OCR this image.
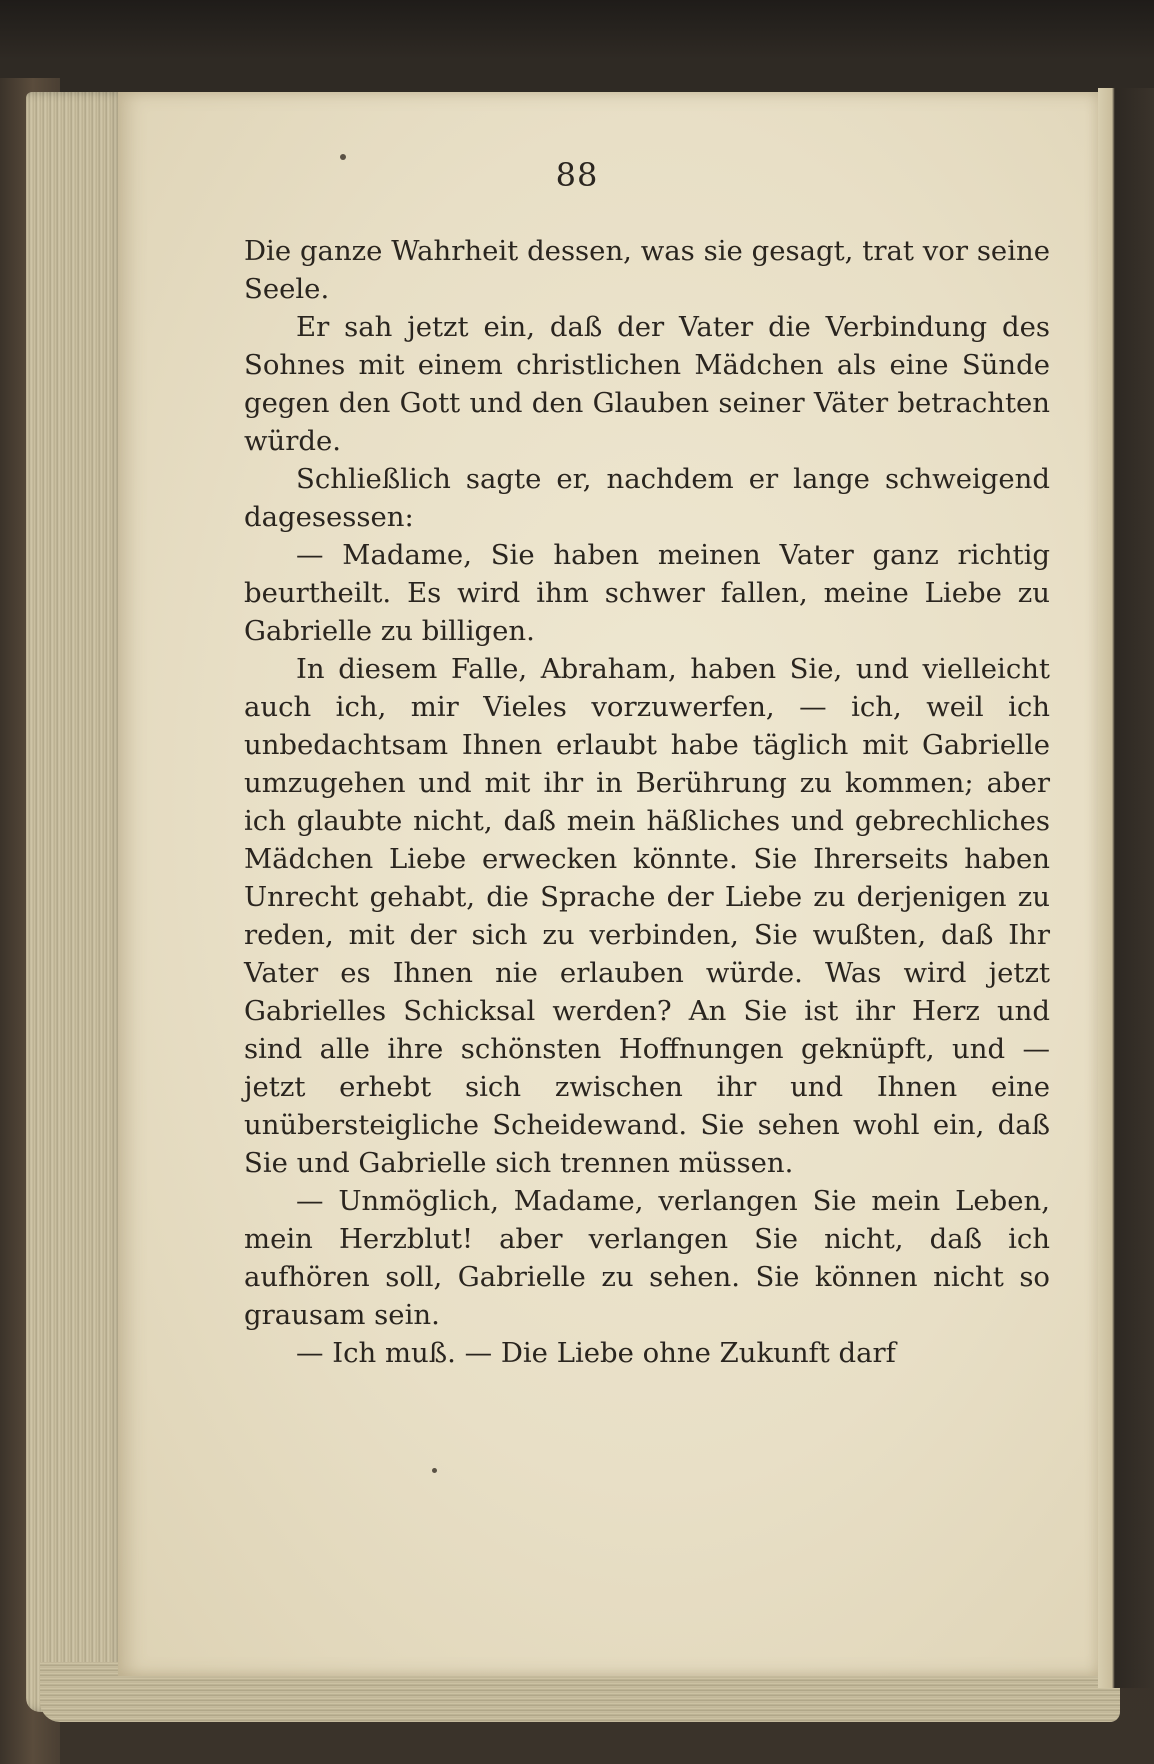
88

Die ganze Wahrheit dessen, was sie gesagt, trat vor seine Seele.

Er sah jetzt ein, daß der Vater die Verbindung des Sohnes mit einem christlichen Mädchen als eine Sünde gegen den Gott und den Glauben seiner Väter betrachten würde.

Schließlich sagte er, nachdem er lange schweigend dagesessen:

— Madame, Sie haben meinen Vater ganz richtig beurtheilt. Es wird ihm schwer fallen, meine Liebe zu Gabrielle zu billigen.

In diesem Falle, Abraham, haben Sie, und vielleicht auch ich, mir Vieles vorzuwerfen, — ich, weil ich unbedachtsam Ihnen erlaubt habe täglich mit Gabrielle umzugehen und mit ihr in Berührung zu kommen; aber ich glaubte nicht, daß mein häßliches und gebrechliches Mädchen Liebe erwecken könnte. Sie Ihrerseits haben Unrecht gehabt, die Sprache der Liebe zu derjenigen zu reden, mit der sich zu verbinden, Sie wußten, daß Ihr Vater es Ihnen nie erlauben würde. Was wird jetzt Gabrielles Schicksal werden? An Sie ist ihr Herz und sind alle ihre schönsten Hoffnungen geknüpft, und — jetzt erhebt sich zwischen ihr und Ihnen eine unübersteigliche Scheidewand. Sie sehen wohl ein, daß Sie und Gabrielle sich trennen müssen.

— Unmöglich, Madame, verlangen Sie mein Leben, mein Herzblut! aber verlangen Sie nicht, daß ich aufhören soll, Gabrielle zu sehen. Sie können nicht so grausam sein.

— Ich muß. — Die Liebe ohne Zukunft darf
